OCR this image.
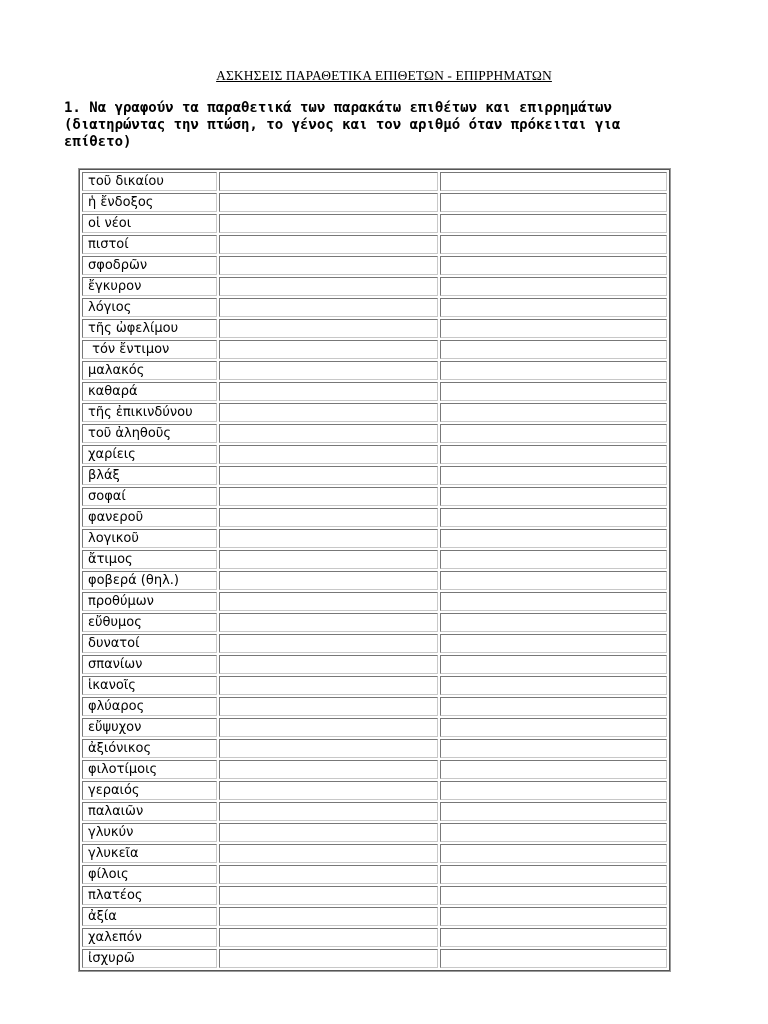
ΑΣΚΗΣΕΙΣ ΠΑΡΑΘΕΤΙΚΑ ΕΠΙΘΕΤΩΝ - ΕΠΙΡΡΗΜΑΤΩΝ
1. Να γραφούν τα παραθετικά των παρακάτω επιθέτων και επιρρημάτων
(διατηρώντας την πτώση, το γένος και τον αριθμό όταν πρόκειται για
επίθετο)
τοῦ δικαίου		
ἡ ἔνδοξος		
οἱ νέοι		
πιστοί		
σφοδρῶν		
ἔγκυρον		
λόγιος		
τῆς ὠφελίμου		
τόν ἔντιμον		
μαλακός		
καθαρά		
τῆς ἐπικινδύνου		
τοῦ ἀληθοῦς		
χαρίεις		
βλάξ		
σοφαί		
φανεροῦ		
λογικοῦ		
ἄτιμος		
φοβερά (θηλ.)		
προθύμων		
εὔθυμος		
δυνατοί		
σπανίων		
ἱκανοῖς		
φλύαρος		
εὔψυχον		
ἀξιόνικος		
φιλοτίμοις		
γεραιός		
παλαιῶν		
γλυκύν		
γλυκεῖα		
φίλοις		
πλατέος		
ἀξία		
χαλεπόν		
ἰσχυρῶ		
